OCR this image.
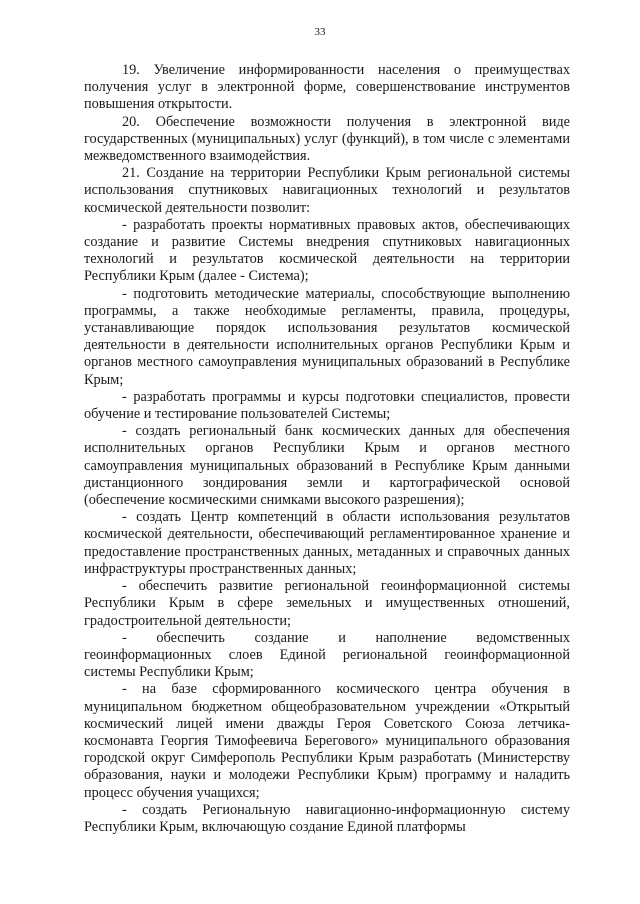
33

19. Увеличение информированности населения о преимуществах получения услуг в электронной форме, совершенствование инструментов повышения открытости.

20. Обеспечение возможности получения в электронной виде государственных (муниципальных) услуг (функций), в том числе с элементами межведомственного взаимодействия.

21. Создание на территории Республики Крым региональной системы использования спутниковых навигационных технологий и результатов космической деятельности позволит:

- разработать проекты нормативных правовых актов, обеспечивающих создание и развитие Системы внедрения спутниковых навигационных технологий и результатов космической деятельности на территории Республики Крым (далее - Система);

- подготовить методические материалы, способствующие выполнению программы, а также необходимые регламенты, правила, процедуры, устанавливающие порядок использования результатов космической деятельности в деятельности исполнительных органов Республики Крым и органов местного самоуправления муниципальных образований в Республике Крым;

- разработать программы и курсы подготовки специалистов, провести обучение и тестирование пользователей Системы;

- создать региональный банк космических данных для обеспечения исполнительных органов Республики Крым и органов местного самоуправления муниципальных образований в Республике Крым данными дистанционного зондирования земли и картографической основой (обеспечение космическими снимками высокого разрешения);

- создать Центр компетенций в области использования результатов космической деятельности, обеспечивающий регламентированное хранение и предоставление пространственных данных, метаданных и справочных данных инфраструктуры пространственных данных;

- обеспечить развитие региональной геоинформационной системы Республики Крым в сфере земельных и имущественных отношений, градостроительной деятельности;

- обеспечить создание и наполнение ведомственных геоинформационных слоев Единой региональной геоинформационной системы Республики Крым;

- на базе сформированного космического центра обучения в муниципальном бюджетном общеобразовательном учреждении «Открытый космический лицей имени дважды Героя Советского Союза летчика-космонавта Георгия Тимофеевича Берегового» муниципального образования городской округ Симферополь Республики Крым разработать (Министерству образования, науки и молодежи Республики Крым) программу и наладить процесс обучения учащихся;

- создать Региональную навигационно-информационную систему Республики Крым, включающую создание Единой платформы
